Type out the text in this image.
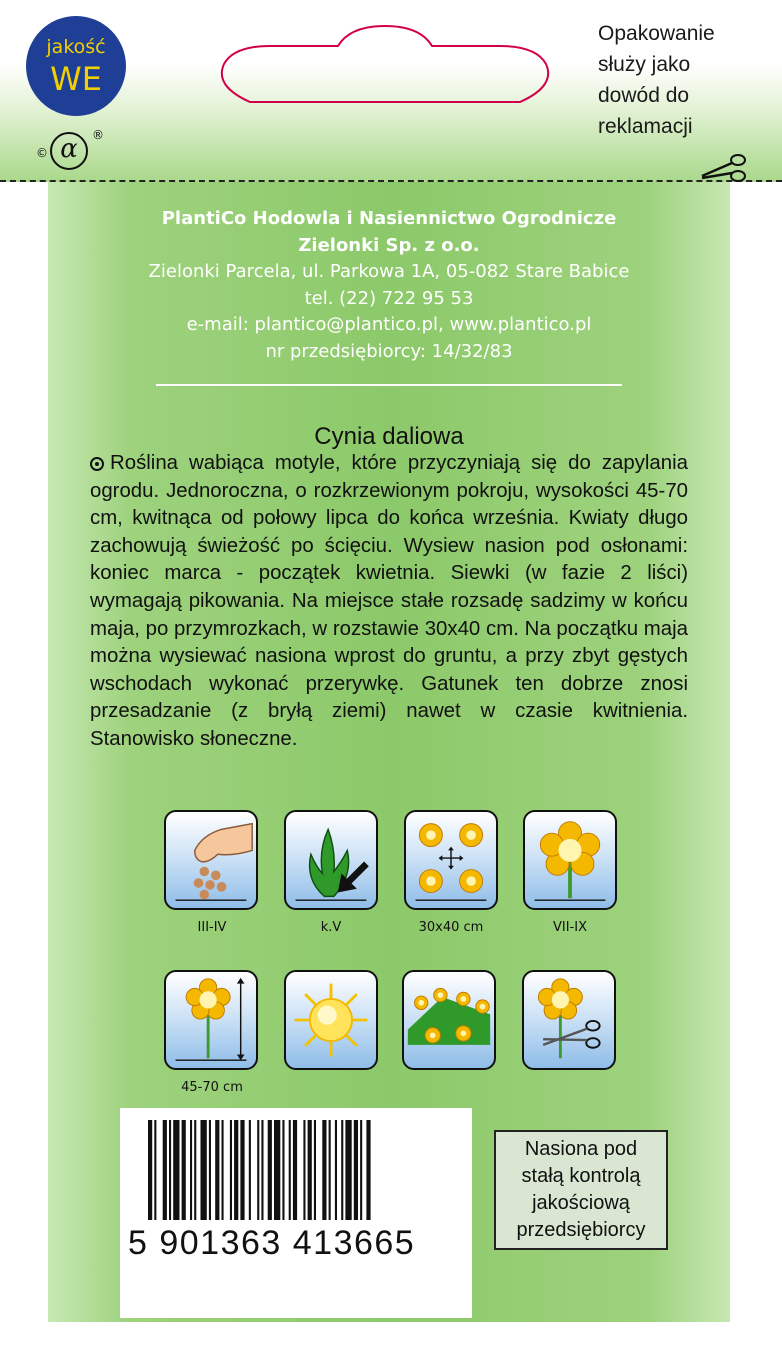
jakość
WE
© α	®
Opakowanie
służy jako
dowód do
reklamacji
PlantiCo Hodowla i Nasiennictwo Ogrodnicze
Zielonki Sp. z o.o.
Zielonki Parcela, ul. Parkowa 1A, 05-082 Stare Babice
tel. (22) 722 95 53
e-mail: plantico@plantico.pl, www.plantico.pl
nr przedsiębiorcy: 14/32/83
Cynia daliowa
Roślina wabiąca motyle, które przyczyniają się do zapylania ogrodu. Jednoroczna, o rozkrzewionym pokroju, wysokości 45-70 cm, kwitnąca od połowy lipca do końca września. Kwiaty długo zachowują świeżość po ścięciu. Wysiew nasion pod osłonami: koniec marca - początek kwietnia. Siewki (w fazie 2 liści) wymagają pikowania. Na miejsce stałe rozsadę sadzimy w końcu maja, po przymrozkach, w rozstawie 30x40 cm. Na początku maja można wysiewać nasiona wprost do gruntu, a przy zbyt gęstych wschodach wykonać przerywkę. Gatunek ten dobrze znosi przesadzanie (z bryłą ziemi) nawet w czasie kwitnienia. Stanowisko słoneczne.
III-IV	k.V	30x40 cm	VII-IX
45-70 cm
5 901363 413665
Nasiona pod
stałą kontrolą
jakościową
przedsiębiorcy
